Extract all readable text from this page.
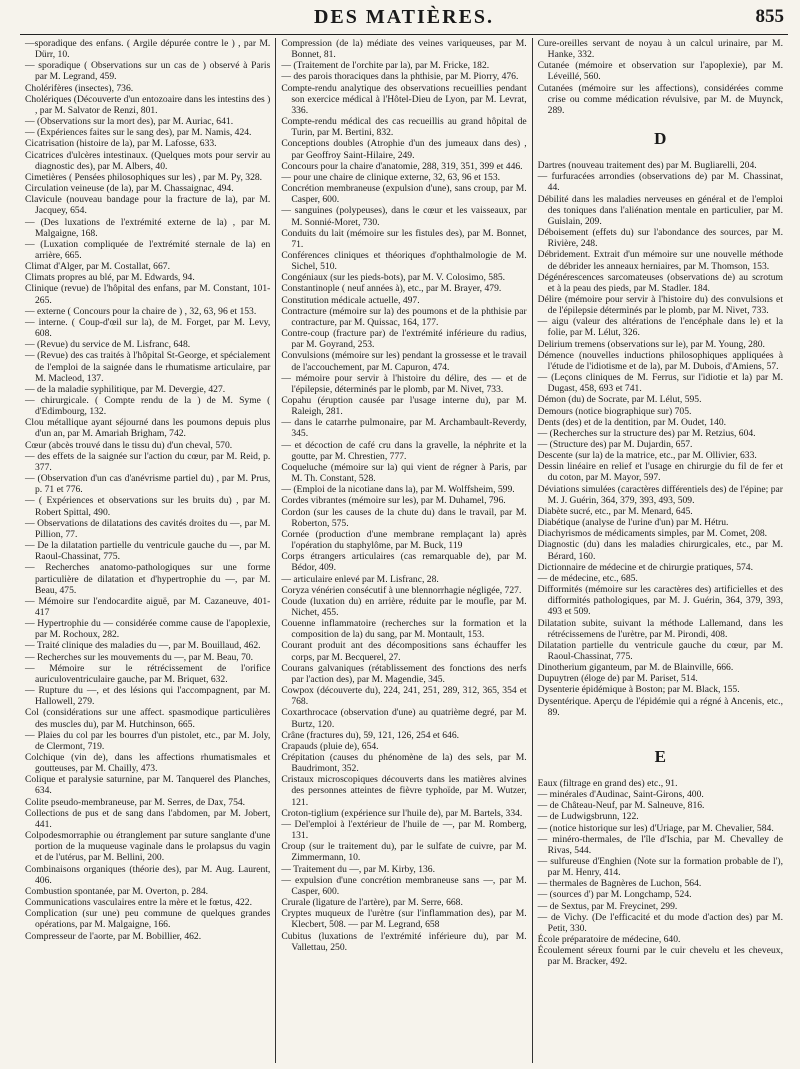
DES MATIÈRES.	855

—sporadique des enfans. ( Argile dépurée contre le ) , par M. Dürr, 10.

— sporadique ( Observations sur un cas de ) observé à Paris par M. Legrand, 459.

Cholérifères (insectes), 736.

Cholériques (Découverte d'un entozoaire dans les intestins des ) , par M. Salvator de Renzi, 801.

— (Observations sur la mort des), par M. Auriac, 641.

— (Expériences faites sur le sang des), par M. Namis, 424.

Cicatrisation (histoire de la), par M. Lafosse, 633.

Cicatrices d'ulcères intestinaux. (Quelques mots pour servir au diagnostic des), par M. Albers, 40.

Cimetières ( Pensées philosophiques sur les) , par M. Py, 328.

Circulation veineuse (de la), par M. Chassaignac, 494.

Clavicule (nouveau bandage pour la fracture de la), par M. Jacquey, 654.

— (Des luxations de l'extrémité externe de la) , par M. Malgaigne, 168.

— (Luxation compliquée de l'extrémité sternale de la) en arrière, 665.

Climat d'Alger, par M. Costallat, 667.

Climats propres au blé, par M. Edwards, 94.

Clinique (revue) de l'hôpital des enfans, par M. Constant, 101-265.

— externe ( Concours pour la chaire de ) , 32, 63, 96 et 153.

— interne. ( Coup-d'œil sur la), de M. Forget, par M. Levy, 608.

— (Revue) du service de M. Lisfranc, 648.

— (Revue) des cas traités à l'hôpital St-George, et spécialement de l'emploi de la saignée dans le rhumatisme articulaire, par M. Macleod, 137.

— de la maladie syphilitique, par M. Devergie, 427.

— chirurgicale. ( Compte rendu de la ) de M. Syme ( d'Edimbourg, 132.

Clou métallique ayant séjourné dans les poumons depuis plus d'un an, par M. Amariah Brigham, 742.

Cœur (abcès trouvé dans le tissu du) d'un cheval, 570.

— des effets de la saignée sur l'action du cœur, par M. Reid, p. 377.

— (Observation d'un cas d'anévrisme partiel du) , par M. Prus, p. 71 et 776.

— ( Expériences et observations sur les bruits du) , par M. Robert Spittal, 490.

— Observations de dilatations des cavités droites du —, par M. Pillion, 77.

— De la dilatation partielle du ventricule gauche du —, par M. Raoul-Chassinat, 775.

— Recherches anatomo-pathologiques sur une forme particulière de dilatation et d'hypertrophie du —, par M. Beau, 475.

— Mémoire sur l'endocardite aiguë, par M. Cazaneuve, 401-417

— Hypertrophie du — considérée comme cause de l'apoplexie, par M. Rochoux, 282.

— Traité clinique des maladies du —, par M. Bouillaud, 462.

— Recherches sur les mouvements du —, par M. Beau, 70.

— Mémoire sur le rétrécissement de l'orifice auriculoventriculaire gauche, par M. Briquet, 632.

— Rupture du —, et des lésions qui l'accompagnent, par M. Hallowell, 279.

Col (considérations sur une affect. spasmodique particulières des muscles du), par M. Hutchinson, 665.

— Plaies du col par les bourres d'un pistolet, etc., par M. Joly, de Clermont, 719.

Colchique (vin de), dans les affections rhumatismales et goutteuses, par M. Chailly, 473.

Colique et paralysie saturnine, par M. Tanquerel des Planches, 634.

Colite pseudo-membraneuse, par M. Serres, de Dax, 754.

Collections de pus et de sang dans l'abdomen, par M. Jobert, 441.

Colpodesmorraphie ou étranglement par suture sanglante d'une portion de la muqueuse vaginale dans le prolapsus du vagin et de l'utérus, par M. Bellini, 200.

Combinaisons organiques (théorie des), par M. Aug. Laurent, 406.

Combustion spontanée, par M. Overton, p. 284.

Communications vasculaires entre la mère et le fœtus, 422.

Complication (sur une) peu commune de quelques grandes opérations, par M. Malgaigne, 166.

Compresseur de l'aorte, par M. Bobillier, 462.

Compression (de la) médiate des veines variqueuses, par M. Bonnet, 81.

— (Traitement de l'orchite par la), par M. Fricke, 182.

— des parois thoraciques dans la phthisie, par M. Piorry, 476.

Compte-rendu analytique des observations recueillies pendant son exercice médical à l'Hôtel-Dieu de Lyon, par M. Levrat, 336.

Compte-rendu médical des cas recueillis au grand hôpital de Turin, par M. Bertini, 832.

Conceptions doubles (Atrophie d'un des jumeaux dans des) , par Geoffroy Saint-Hilaire, 249.

Concours pour la chaire d'anatomie, 288, 319, 351, 399 et 446.

— pour une chaire de clinique externe, 32, 63, 96 et 153.

Concrétion membraneuse (expulsion d'une), sans croup, par M. Casper, 600.

— sanguines (polypeuses), dans le cœur et les vaisseaux, par M. Sonnié-Moret, 730.

Conduits du lait (mémoire sur les fistules des), par M. Bonnet, 71.

Conférences cliniques et théoriques d'ophthalmologie de M. Sichel, 510.

Congéniaux (sur les pieds-bots), par M. V. Colosimo, 585.

Constantinople ( neuf années à), etc., par M. Brayer, 479.

Constitution médicale actuelle, 497.

Contracture (mémoire sur la) des poumons et de la phthisie par contracture, par M. Quissac, 164, 177.

Contre-coup (fracture par) de l'extrémité inférieure du radius, par M. Goyrand, 253.

Convulsions (mémoire sur les) pendant la grossesse et le travail de l'accouchement, par M. Capuron, 474.

— mémoire pour servir à l'histoire du délire, des — et de l'épilepsie, déterminés par le plomb, par M. Nivet, 733.

Copahu (éruption causée par l'usage interne du), par M. Raleigh, 281.

— dans le catarrhe pulmonaire, par M. Archambault-Reverdy, 345.

— et décoction de café cru dans la gravelle, la néphrite et la goutte, par M. Chrestien, 777.

Coqueluche (mémoire sur la) qui vient de régner à Paris, par M. Th. Constant, 528.

— (Emploi de la nicotiane dans la), par M. Wolffsheim, 599.

Cordes vibrantes (mémoire sur les), par M. Duhamel, 796.

Cordon (sur les causes de la chute du) dans le travail, par M. Roberton, 575.

Cornée (production d'une membrane remplaçant la) après l'opération du staphylôme, par M. Buck, 119

Corps étrangers articulaires (cas remarquable de), par M. Bédor, 409.

— articulaire enlevé par M. Lisfranc, 28.

Coryza vénérien consécutif à une blennorrhagie négligée, 727.

Coude (luxation du) en arrière, réduite par le moufle, par M. Nichet, 455.

Couenne inflammatoire (recherches sur la formation et la composition de la) du sang, par M. Montault, 153.

Courant produit ant des décompositions sans échauffer les corps, par M. Becquerel, 27.

Courans galvaniques (rétablissement des fonctions des nerfs par l'action des), par M. Magendie, 345.

Cowpox (découverte du), 224, 241, 251, 289, 312, 365, 354 et 768.

Coxarthrocace (observation d'une) au quatrième degré, par M. Burtz, 120.

Crâne (fractures du), 59, 121, 126, 254 et 646.

Crapauds (pluie de), 654.

Crépitation (causes du phénomène de la) des sels, par M. Baudrimont, 352.

Cristaux microscopiques découverts dans les matières alvines des personnes atteintes de fièvre typhoïde, par M. Wutzer, 121.

Croton-tiglium (expérience sur l'huile de), par M. Bartels, 334.

— Del'emploi à l'extérieur de l'huile de —, par M. Romberg, 131.

Croup (sur le traitement du), par le sulfate de cuivre, par M. Zimmermann, 10.

— Traitement du —, par M. Kirby, 136.

— expulsion d'une concrétion membraneuse sans —, par M. Casper, 600.

Crurale (ligature de l'artère), par M. Serre, 668.

Cryptes muqueux de l'urètre (sur l'inflammation des), par M. Klecbert, 508. — par M. Legrand, 658

Cubitus (luxations de l'extrémité inférieure du), par M. Vallettau, 250.

Cure-oreilles servant de noyau à un calcul urinaire, par M. Hanke, 332.

Cutanée (mémoire et observation sur l'apoplexie), par M. Léveillé, 560.

Cutanées (mémoire sur les affections), considérées comme crise ou comme médication révulsive, par M. de Muynck, 289.

D

Dartres (nouveau traitement des) par M. Bugliarelli, 204.

— furfuracées arrondies (observations de) par M. Chassinat, 44.

Débilité dans les maladies nerveuses en général et de l'emploi des toniques dans l'aliénation mentale en particulier, par M. Guislain, 209.

Déboisement (effets du) sur l'abondance des sources, par M. Rivière, 248.

Débridement. Extrait d'un mémoire sur une nouvelle méthode de débrider les anneaux herniaires, par M. Thomson, 153.

Dégénérescences sarcomateuses (observations de) au scrotum et à la peau des pieds, par M. Stadler. 184.

Délire (mémoire pour servir à l'histoire du) des convulsions et de l'épilepsie déterminés par le plomb, par M. Nivet, 733.

— aigu (valeur des altérations de l'encéphale dans le) et la folie, par M. Lélut, 326.

Delirium tremens (observations sur le), par M. Young, 280.

Démence (nouvelles inductions philosophiques appliquées à l'étude de l'idiotisme et de la), par M. Dubois, d'Amiens, 57.

— (Leçons cliniques de M. Ferrus, sur l'idiotie et la) par M. Dugast, 458, 693 et 741.

Démon (du) de Socrate, par M. Lélut, 595.

Demours (notice biographique sur) 705.

Dents (des) et de la dentition, par M. Oudet, 140.

— (Recherches sur la structure des) par M. Retzius, 604.

— (Structure des) par M. Dujardin, 657.

Descente (sur la) de la matrice, etc., par M. Ollivier, 633.

Dessin linéaire en relief et l'usage en chirurgie du fil de fer et du coton, par M. Mayor, 597.

Déviations simulées (caractères différentiels des) de l'épine; par M. J. Guérin, 364, 379, 393, 493, 509.

Diabète sucré, etc., par M. Menard, 645.

Diabétique (analyse de l'urine d'un) par M. Hétru.

Diachyrismos de médicaments simples, par M. Comet, 208.

Diagnostic (du) dans les maladies chirurgicales, etc., par M. Bérard, 160.

Dictionnaire de médecine et de chirurgie pratiques, 574.

— de médecine, etc., 685.

Difformités (mémoire sur les caractères des) artificielles et des difformités pathologiques, par M. J. Guérin, 364, 379, 393, 493 et 509.

Dilatation subite, suivant la méthode Lallemand, dans les rétrécissemens de l'urètre, par M. Pirondi, 408.

Dilatation partielle du ventricule gauche du cœur, par M. Raoul-Chassinat, 775.

Dinotherium giganteum, par M. de Blainville, 666.

Dupuytren (éloge de) par M. Pariset, 514.

Dysenterie épidémique à Boston; par M. Black, 155.

Dysentérique. Aperçu de l'épidémie qui a régné à Ancenis, etc., 89.

E

Eaux (filtrage en grand des) etc., 91.

— minérales d'Audinac, Saint-Girons, 400.

— de Château-Neuf, par M. Salneuve, 816.

— de Ludwigsbrunn, 122.

— (notice historique sur les) d'Uriage, par M. Chevalier, 584.

— minéro-thermales, de l'île d'Ischia, par M. Chevalley de Rivas, 544.

— sulfureuse d'Enghien (Note sur la formation probable de l'), par M. Henry, 414.

— thermales de Bagnères de Luchon, 564.

— (sources d') par M. Longchamp, 524.

— de Sextus, par M. Freycinet, 299.

— de Vichy. (De l'efficacité et du mode d'action des) par M. Petit, 330.

École préparatoire de médecine, 640.

Écoulement séreux fourni par le cuir chevelu et les cheveux, par M. Bracker, 492.
